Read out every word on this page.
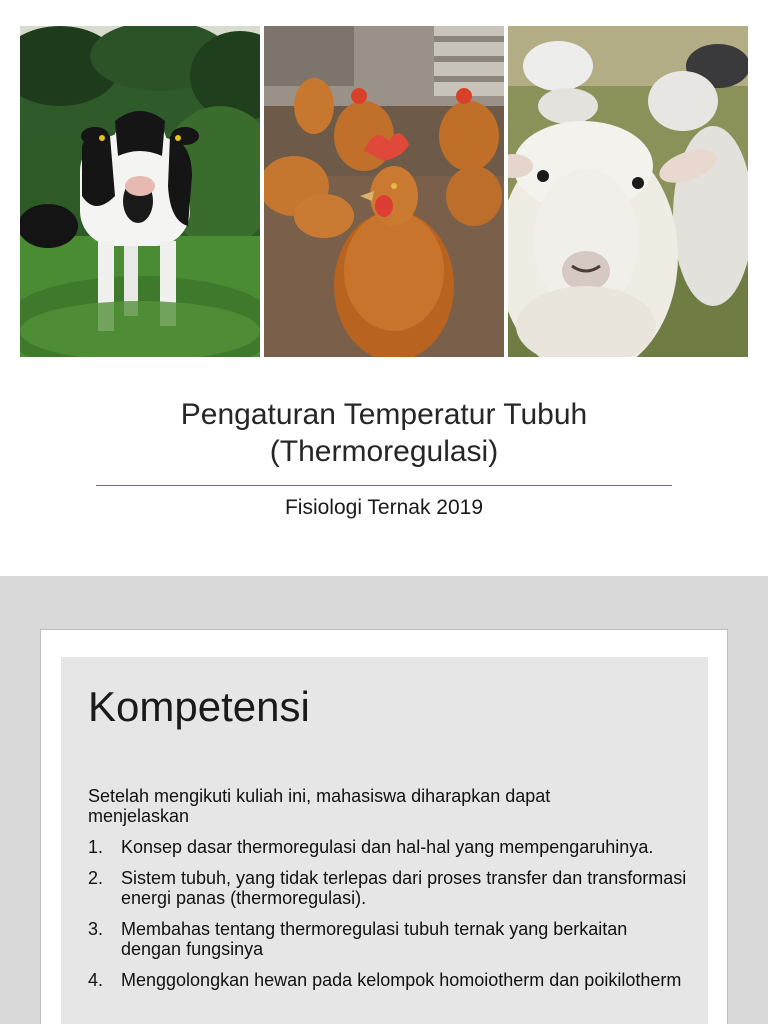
Pengaturan Temperatur Tubuh
(Thermoregulasi)
Fisiologi Ternak 2019
Kompetensi
Setelah mengikuti kuliah ini, mahasiswa diharapkan dapat menjelaskan
1. Konsep dasar thermoregulasi dan hal-hal yang mempengaruhinya.
2. Sistem tubuh, yang tidak terlepas dari proses transfer dan transformasi energi panas (thermoregulasi).
3. Membahas tentang thermoregulasi tubuh ternak yang berkaitan dengan fungsinya
4. Menggolongkan hewan pada kelompok homoiotherm dan poikilotherm
